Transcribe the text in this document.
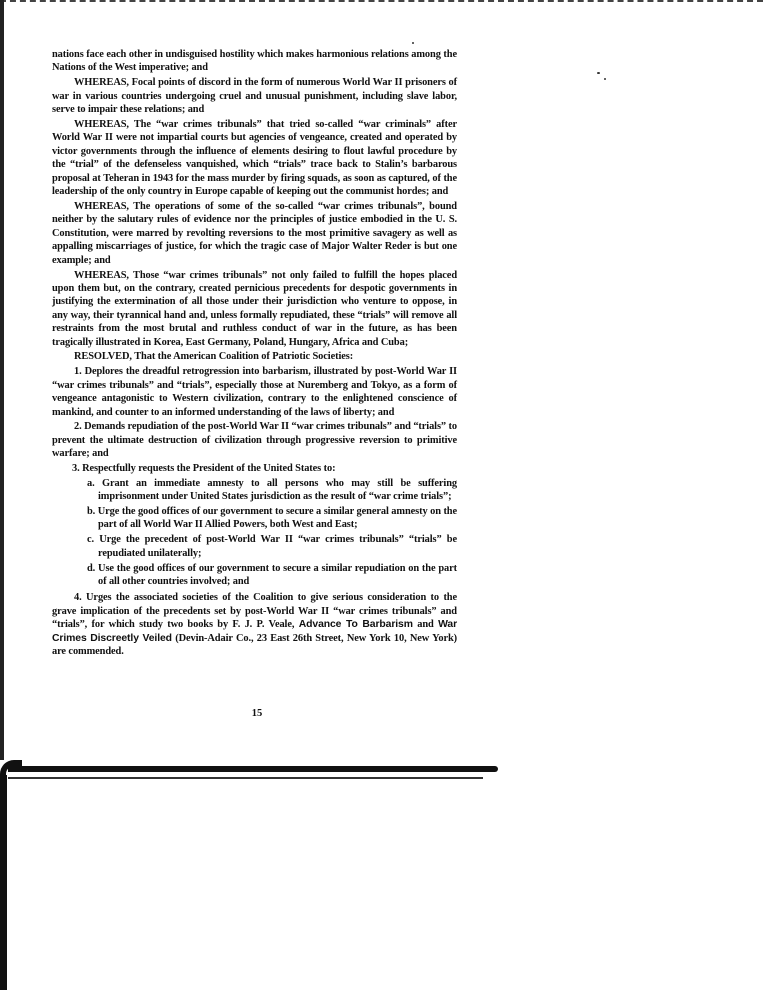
nations face each other in undisguised hostility which makes harmonious relations among the Nations of the West imperative; and

WHEREAS, Focal points of discord in the form of numerous World War II prisoners of war in various countries undergoing cruel and unusual punishment, including slave labor, serve to impair these relations; and

WHEREAS, The “war crimes tribunals” that tried so-called “war criminals” after World War II were not impartial courts but agencies of vengeance, created and operated by victor governments through the influence of elements desiring to flout lawful procedure by the “trial” of the defenseless vanquished, which “trials” trace back to Stalin’s barbarous proposal at Teheran in 1943 for the mass murder by firing squads, as soon as captured, of the leadership of the only country in Europe capable of keeping out the communist hordes; and

WHEREAS, The operations of some of the so-called “war crimes tribunals”, bound neither by the salutary rules of evidence nor the principles of justice embodied in the U. S. Constitution, were marred by revolting reversions to the most primitive savagery as well as appalling miscarriages of justice, for which the tragic case of Major Walter Reder is but one example; and

WHEREAS, Those “war crimes tribunals” not only failed to fulfill the hopes placed upon them but, on the contrary, created pernicious precedents for despotic governments in justifying the extermination of all those under their jurisdiction who venture to oppose, in any way, their tyrannical hand and, unless formally repudiated, these “trials” will remove all restraints from the most brutal and ruthless conduct of war in the future, as has been tragically illustrated in Korea, East Germany, Poland, Hungary, Africa and Cuba;

RESOLVED, That the American Coalition of Patriotic Societies:

1. Deplores the dreadful retrogression into barbarism, illustrated by post-World War II “war crimes tribunals” and “trials”, especially those at Nuremberg and Tokyo, as a form of vengeance antagonistic to Western civilization, contrary to the enlightened conscience of mankind, and counter to an informed understanding of the laws of liberty; and

2. Demands repudiation of the post-World War II “war crimes tribunals” and “trials” to prevent the ultimate destruction of civilization through progressive reversion to primitive warfare; and

3. Respectfully requests the President of the United States to:

a. Grant an immediate amnesty to all persons who may still be suffering imprisonment under United States jurisdiction as the result of “war crime trials”;
b. Urge the good offices of our government to secure a similar general amnesty on the part of all World War II Allied Powers, both West and East;
c. Urge the precedent of post-World War II “war crimes tribunals” “trials” be repudiated unilaterally;
d. Use the good offices of our government to secure a similar repudiation on the part of all other countries involved; and

4. Urges the associated societies of the Coalition to give serious consideration to the grave implication of the precedents set by post-World War II “war crimes tribunals” and “trials”, for which study two books by F. J. P. Veale, Advance To Barbarism and War Crimes Discreetly Veiled (Devin-Adair Co., 23 East 26th Street, New York 10, New York) are commended.

15
